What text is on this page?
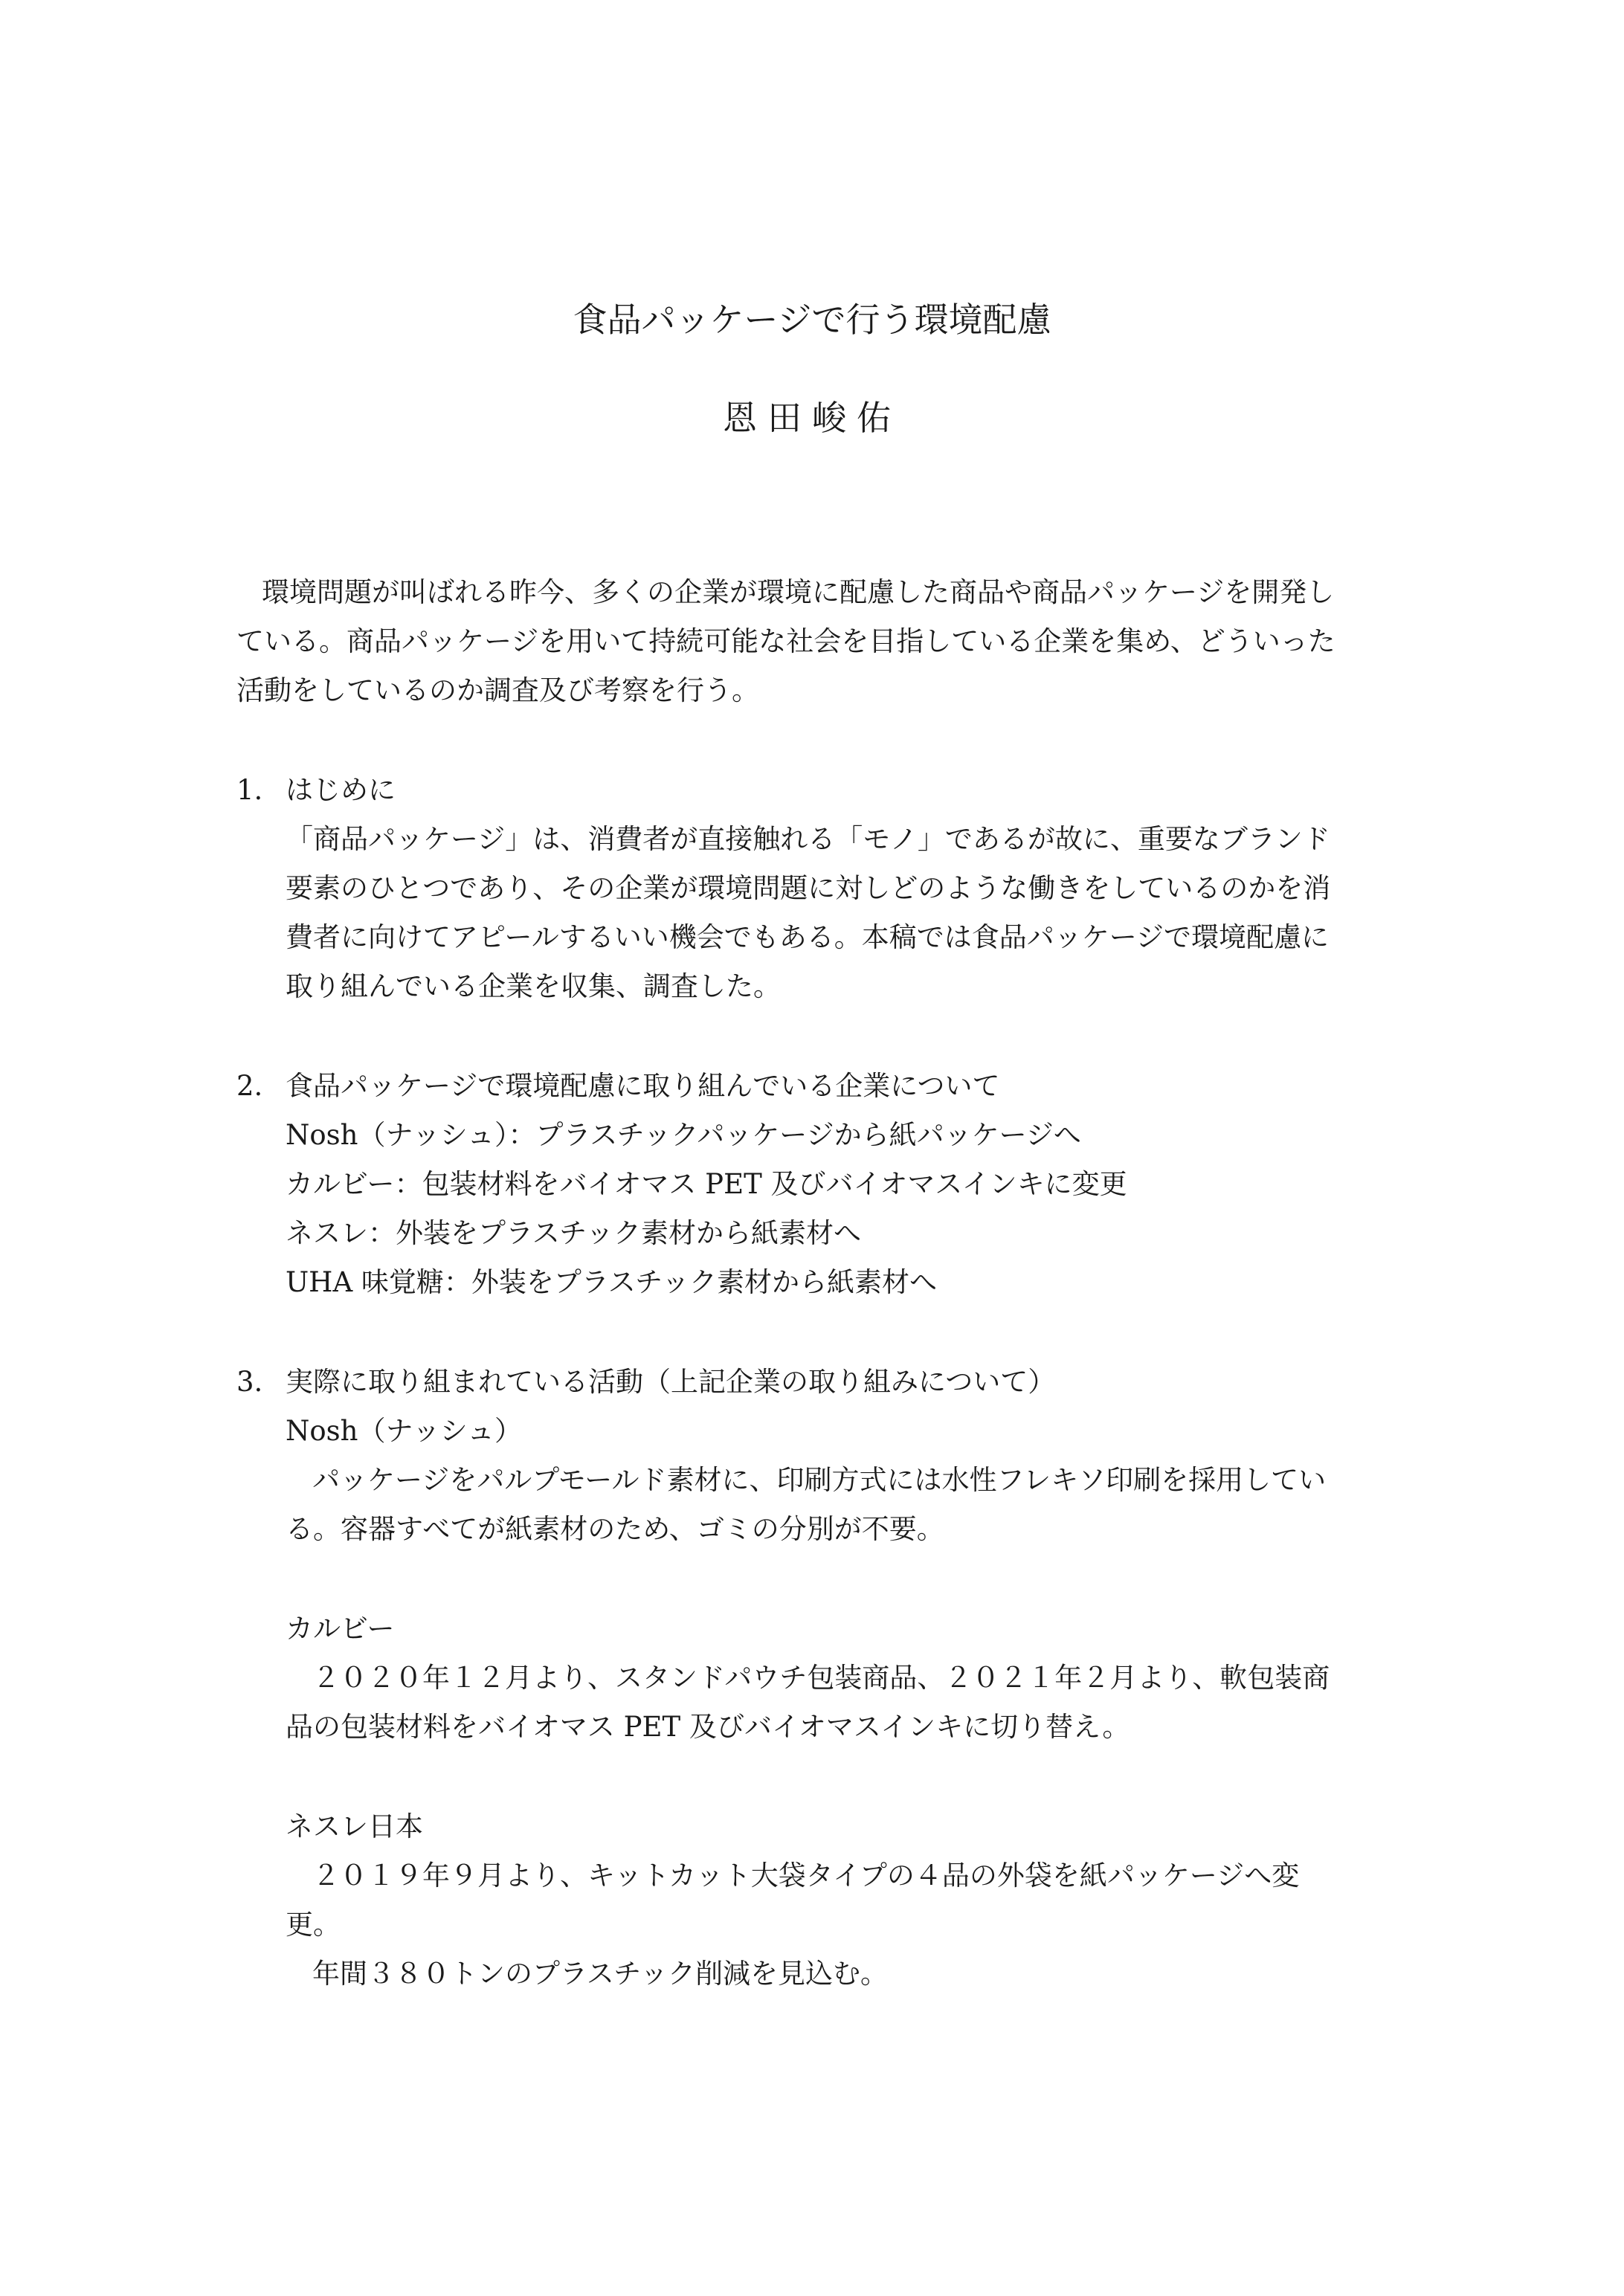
食品パッケージで行う環境配慮
恩田峻佑
環境問題が叫ばれる昨今、多くの企業が環境に配慮した商品や商品パッケージを開発し
ている。商品パッケージを用いて持続可能な社会を目指している企業を集め、どういった
活動をしているのか調査及び考察を行う。
1. はじめに
「商品パッケージ」は、消費者が直接触れる「モノ」であるが故に、重要なブランド
要素のひとつであり、その企業が環境問題に対しどのような働きをしているのかを消
費者に向けてアピールするいい機会でもある。本稿では食品パッケージで環境配慮に
取り組んでいる企業を収集、調査した。
2. 食品パッケージで環境配慮に取り組んでいる企業について
Nosh（ナッシュ）：プラスチックパッケージから紙パッケージへ
カルビー：包装材料をバイオマス PET 及びバイオマスインキに変更
ネスレ：外装をプラスチック素材から紙素材へ
UHA 味覚糖：外装をプラスチック素材から紙素材へ
3. 実際に取り組まれている活動（上記企業の取り組みについて）
Nosh（ナッシュ）
パッケージをパルプモールド素材に、印刷方式には水性フレキソ印刷を採用してい
る。容器すべてが紙素材のため、ゴミの分別が不要。
カルビー
２０２０年１２月より、スタンドパウチ包装商品、２０２１年２月より、軟包装商
品の包装材料をバイオマス PET 及びバイオマスインキに切り替え。
ネスレ日本
２０１９年９月より、キットカット大袋タイプの４品の外袋を紙パッケージへ変
更。
年間３８０トンのプラスチック削減を見込む。
